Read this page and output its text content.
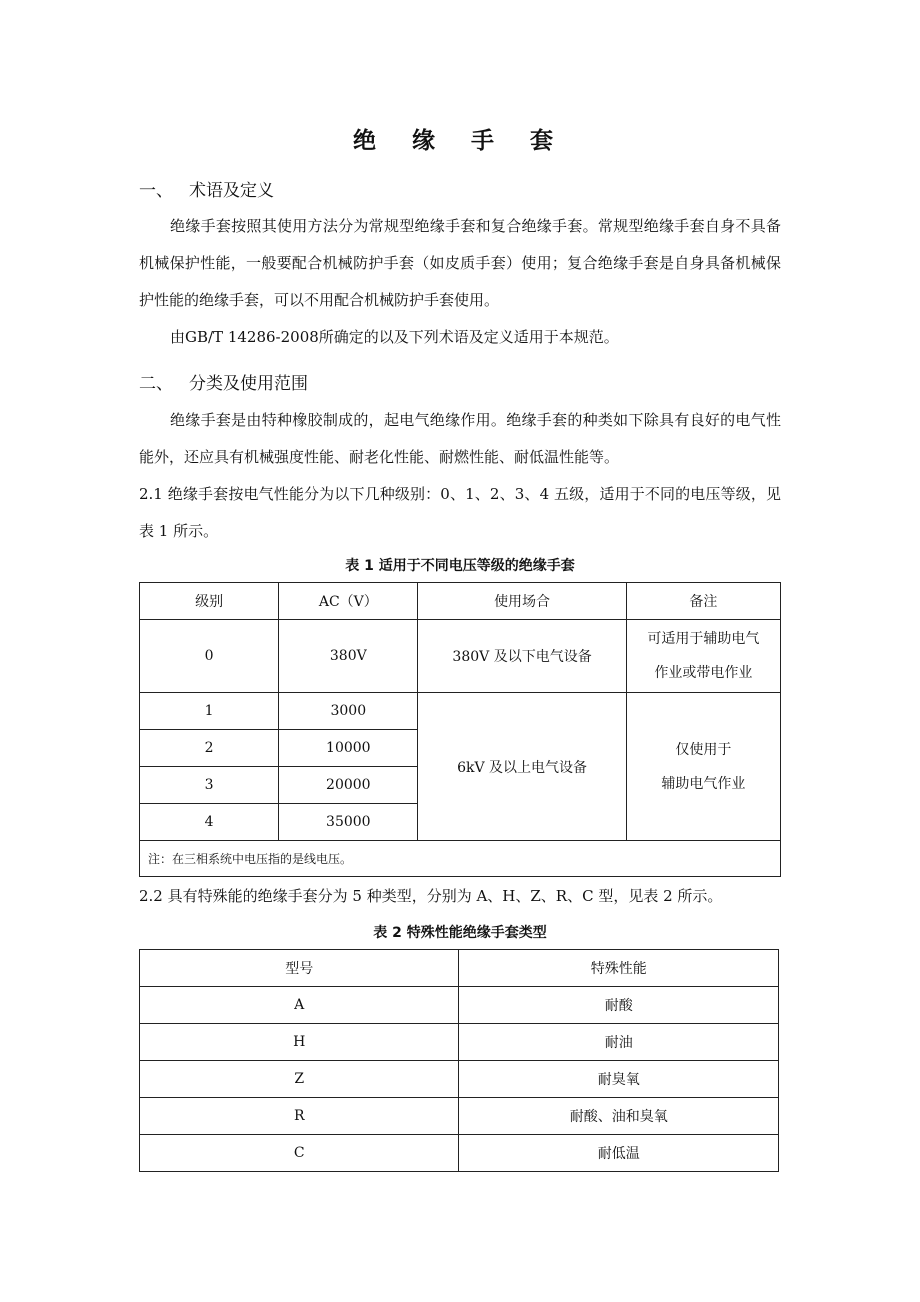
绝 缘 手 套
一、 术语及定义
绝缘手套按照其使用方法分为常规型绝缘手套和复合绝缘手套。常规型绝缘手套自身不具备机械保护性能，一般要配合机械防护手套（如皮质手套）使用；复合绝缘手套是自身具备机械保护性能的绝缘手套，可以不用配合机械防护手套使用。
由GB/T 14286-2008所确定的以及下列术语及定义适用于本规范。
二、 分类及使用范围
绝缘手套是由特种橡胶制成的，起电气绝缘作用。绝缘手套的种类如下除具有良好的电气性能外，还应具有机械强度性能、耐老化性能、耐燃性能、耐低温性能等。
2.1 绝缘手套按电气性能分为以下几种级别：0、1、2、3、4 五级，适用于不同的电压等级，见表 1 所示。
表 1 适用于不同电压等级的绝缘手套
级别	AC（V）	使用场合	备注
0	380V	380V 及以下电气设备	可适用于辅助电气
作业或带电作业

1	3000	6kV 及以上电气设备	仅使用于
辅助电气作业

2	10000		
3	20000		
4	35000		
注：在三相系统中电压指的是线电压。			
2.2 具有特殊能的绝缘手套分为 5 种类型，分别为 A、H、Z、R、C 型，见表 2 所示。
表 2 特殊性能绝缘手套类型
型号	特殊性能
A	耐酸
H	耐油
Z	耐臭氧
R	耐酸、油和臭氧
C	耐低温
